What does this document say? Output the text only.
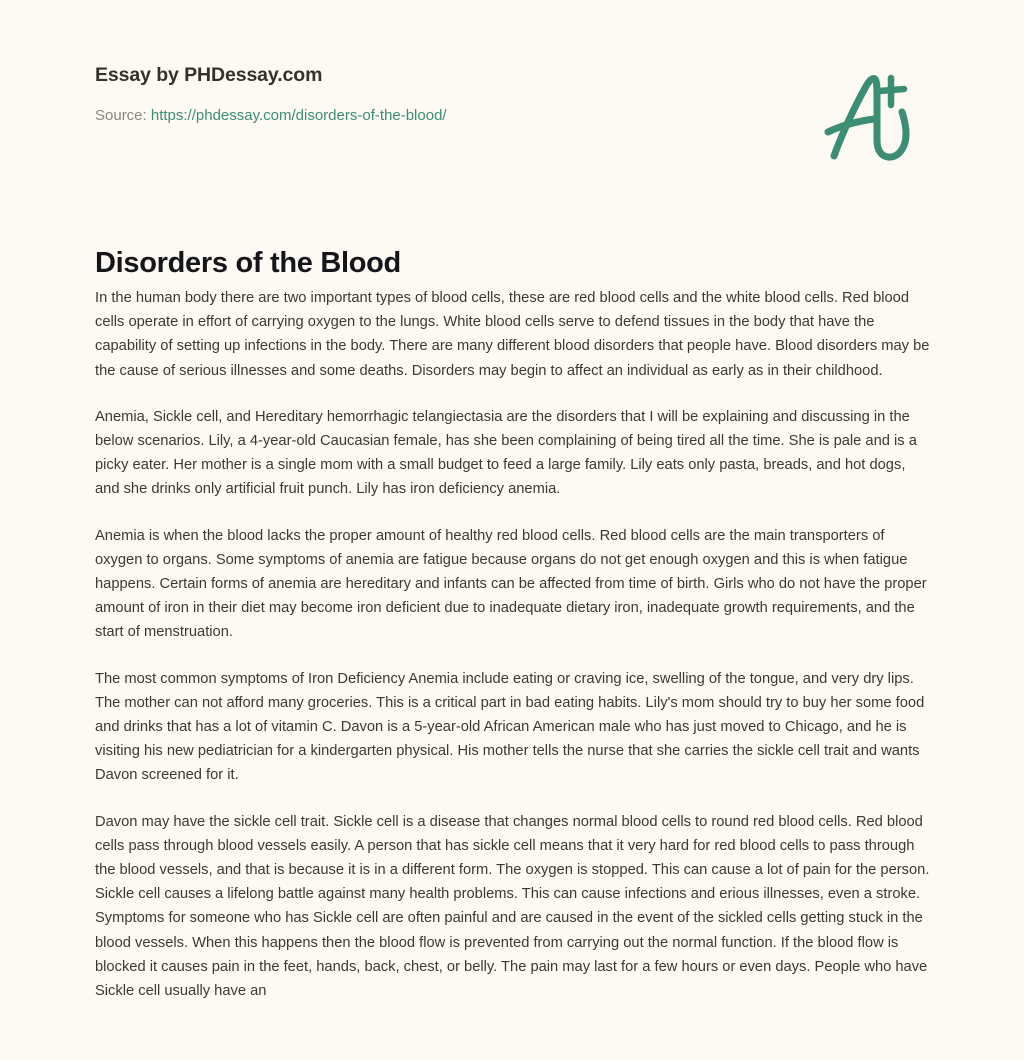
Essay by PHDessay.com
Source: https://phdessay.com/disorders-of-the-blood/
Disorders of the Blood

In the human body there are two important types of blood cells, these are red blood cells and the white blood cells. Red blood cells operate in effort of carrying oxygen to the lungs. White blood cells serve to defend tissues in the body that have the capability of setting up infections in the body. There are many different blood disorders that people have. Blood disorders may be the cause of serious illnesses and some deaths. Disorders may begin to affect an individual as early as in their childhood.

Anemia, Sickle cell, and Hereditary hemorrhagic telangiectasia are the disorders that I will be explaining and discussing in the below scenarios. Lily, a 4-year-old Caucasian female, has she been complaining of being tired all the time. She is pale and is a picky eater. Her mother is a single mom with a small budget to feed a large family. Lily eats only pasta, breads, and hot dogs, and she drinks only artificial fruit punch. Lily has iron deficiency anemia.

Anemia is when the blood lacks the proper amount of healthy red blood cells. Red blood cells are the main transporters of oxygen to organs. Some symptoms of anemia are fatigue because organs do not get enough oxygen and this is when fatigue happens. Certain forms of anemia are hereditary and infants can be affected from time of birth. Girls who do not have the proper amount of iron in their diet may become iron deficient due to inadequate dietary iron, inadequate growth requirements, and the start of menstruation.

The most common symptoms of Iron Deficiency Anemia include eating or craving ice, swelling of the tongue, and very dry lips. The mother can not afford many groceries. This is a critical part in bad eating habits. Lily's mom should try to buy her some food and drinks that has a lot of vitamin C. Davon is a 5-year-old African American male who has just moved to Chicago, and he is visiting his new pediatrician for a kindergarten physical. His mother tells the nurse that she carries the sickle cell trait and wants Davon screened for it.

Davon may have the sickle cell trait. Sickle cell is a disease that changes normal blood cells to round red blood cells. Red blood cells pass through blood vessels easily. A person that has sickle cell means that it very hard for red blood cells to pass through the blood vessels, and that is because it is in a different form. The oxygen is stopped. This can cause a lot of pain for the person. Sickle cell causes a lifelong battle against many health problems. This can cause infections and erious illnesses, even a stroke. Symptoms for someone who has Sickle cell are often painful and are caused in the event of the sickled cells getting stuck in the blood vessels. When this happens then the blood flow is prevented from carrying out the normal function. If the blood flow is blocked it causes pain in the feet, hands, back, chest, or belly. The pain may last for a few hours or even days. People who have Sickle cell usually have an
